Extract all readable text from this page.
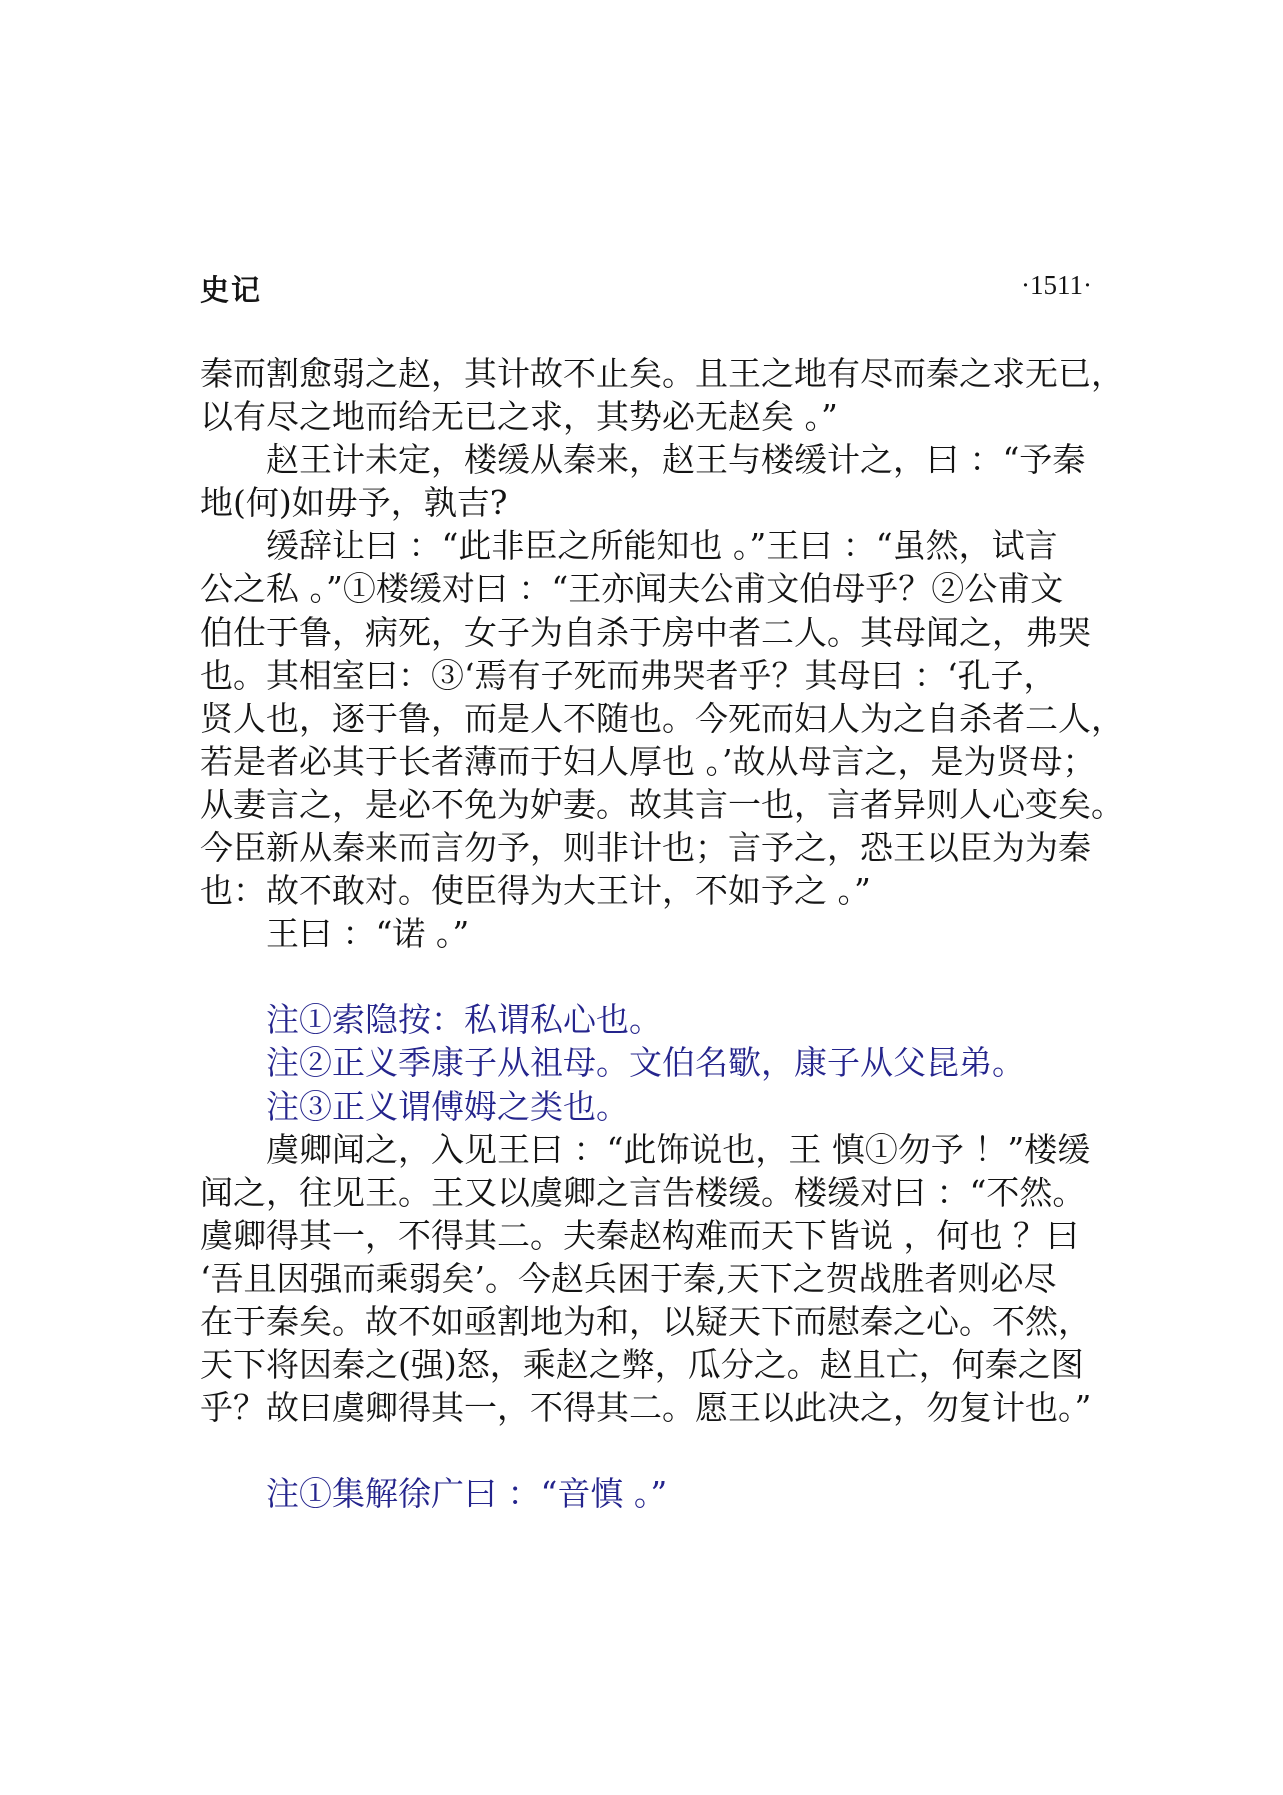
史记	·1511·
秦而割愈弱之赵，其计故不止矣。且王之地有尽而秦之求无已，
以有尽之地而给无已之求，其势必无赵矣 。”
赵王计未定，楼缓从秦来，赵王与楼缓计之，曰 ：“予秦
地(何)如毋予，孰吉?
缓辞让曰 ：“此非臣之所能知也 。”王曰 ：“虽然，试言
公之私 。”①楼缓对曰 ：“王亦闻夫公甫文伯母乎？②公甫文
伯仕于鲁，病死，女子为自杀于房中者二人。其母闻之，弗哭
也。其相室曰：③‘焉有子死而弗哭者乎？其母曰 ：‘孔子，
贤人也，逐于鲁，而是人不随也。今死而妇人为之自杀者二人，
若是者必其于长者薄而于妇人厚也 。’故从母言之，是为贤母；
从妻言之，是必不免为妒妻。故其言一也，言者异则人心变矣。
今臣新从秦来而言勿予，则非计也；言予之，恐王以臣为为秦
也：故不敢对。使臣得为大王计，不如予之 。”
王曰 ：“诺 。”
注①索隐按：私谓私心也。
注②正义季康子从祖母。文伯名歜，康子从父昆弟。
注③正义谓傅姆之类也。
虞卿闻之，入见王曰 ：“此饰说也，王 慎①勿予 ！”楼缓
闻之，往见王。王又以虞卿之言告楼缓。楼缓对曰 ：“不然。
虞卿得其一，不得其二。夫秦赵构难而天下皆说 ，何也 ？曰
‘吾且因强而乘弱矣’。今赵兵困于秦,天下之贺战胜者则必尽
在于秦矣。故不如亟割地为和，以疑天下而慰秦之心。不然，
天下将因秦之(强)怒，乘赵之弊，瓜分之。赵且亡，何秦之图
乎？故曰虞卿得其一，不得其二。愿王以此决之，勿复计也。”
注①集解徐广曰 ：“音慎 。”
